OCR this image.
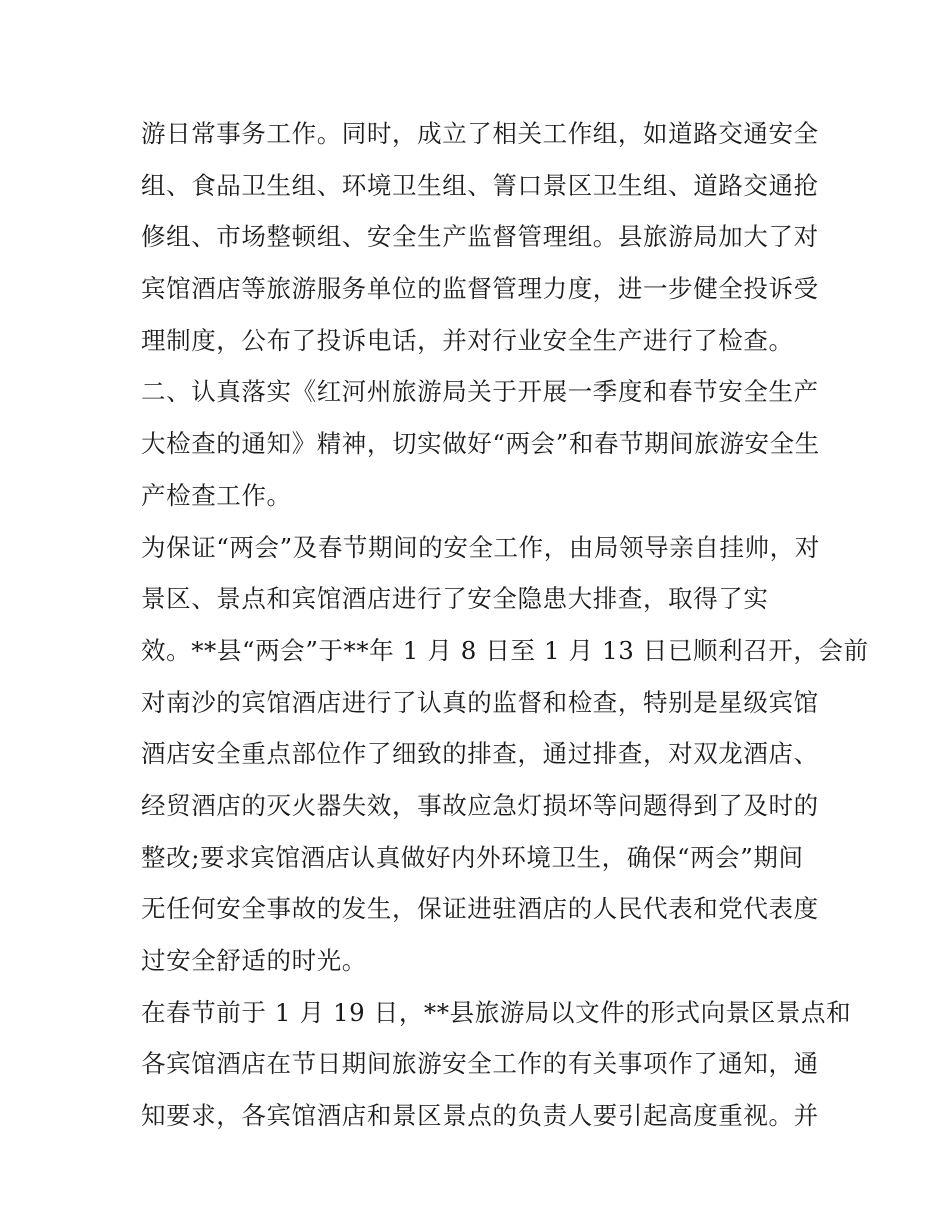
游日常事务工作。同时，成立了相关工作组，如道路交通安全
组、食品卫生组、环境卫生组、箐口景区卫生组、道路交通抢
修组、市场整顿组、安全生产监督管理组。县旅游局加大了对
宾馆酒店等旅游服务单位的监督管理力度，进一步健全投诉受
理制度，公布了投诉电话，并对行业安全生产进行了检查。
二、认真落实《红河州旅游局关于开展一季度和春节安全生产
大检查的通知》精神，切实做好“两会”和春节期间旅游安全生
产检查工作。
为保证“两会”及春节期间的安全工作，由局领导亲自挂帅，对
景区、景点和宾馆酒店进行了安全隐患大排查，取得了实
效。**县“两会”于**年 1 月 8 日至 1 月 13 日已顺利召开，会前
对南沙的宾馆酒店进行了认真的监督和检查，特别是星级宾馆
酒店安全重点部位作了细致的排查，通过排查，对双龙酒店、
经贸酒店的灭火器失效，事故应急灯损坏等问题得到了及时的
整改;要求宾馆酒店认真做好内外环境卫生，确保“两会”期间
无任何安全事故的发生，保证进驻酒店的人民代表和党代表度
过安全舒适的时光。
在春节前于 1 月 19 日，**县旅游局以文件的形式向景区景点和
各宾馆酒店在节日期间旅游安全工作的有关事项作了通知，通
知要求，各宾馆酒店和景区景点的负责人要引起高度重视。并
